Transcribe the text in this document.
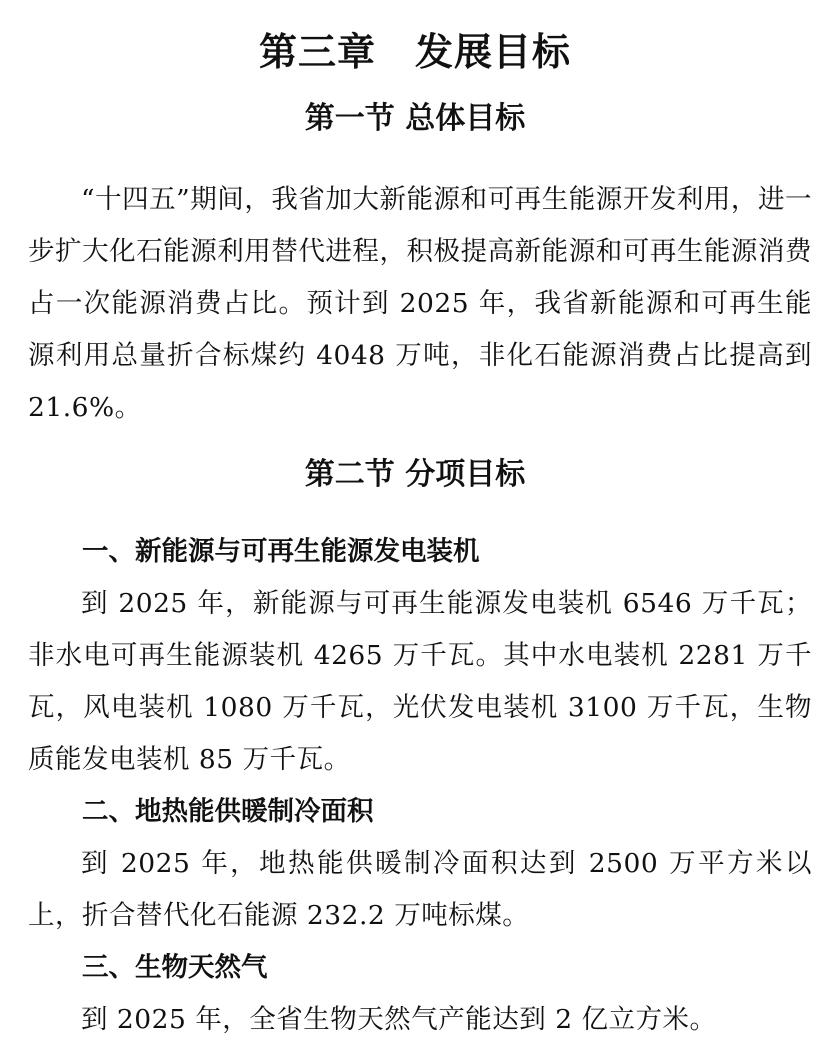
第三章　发展目标
第一节 总体目标

“十四五”期间，我省加大新能源和可再生能源开发利用，进一步扩大化石能源利用替代进程，积极提高新能源和可再生能源消费占一次能源消费占比。预计到 2025 年，我省新能源和可再生能源利用总量折合标煤约 4048 万吨，非化石能源消费占比提高到 21.6%。

第二节 分项目标
一、新能源与可再生能源发电装机

到 2025 年，新能源与可再生能源发电装机 6546 万千瓦；非水电可再生能源装机 4265 万千瓦。其中水电装机 2281 万千瓦，风电装机 1080 万千瓦，光伏发电装机 3100 万千瓦，生物质能发电装机 85 万千瓦。

二、地热能供暖制冷面积

到 2025 年，地热能供暖制冷面积达到 2500 万平方米以上，折合替代化石能源 232.2 万吨标煤。

三、生物天然气

到 2025 年，全省生物天然气产能达到 2 亿立方米。
